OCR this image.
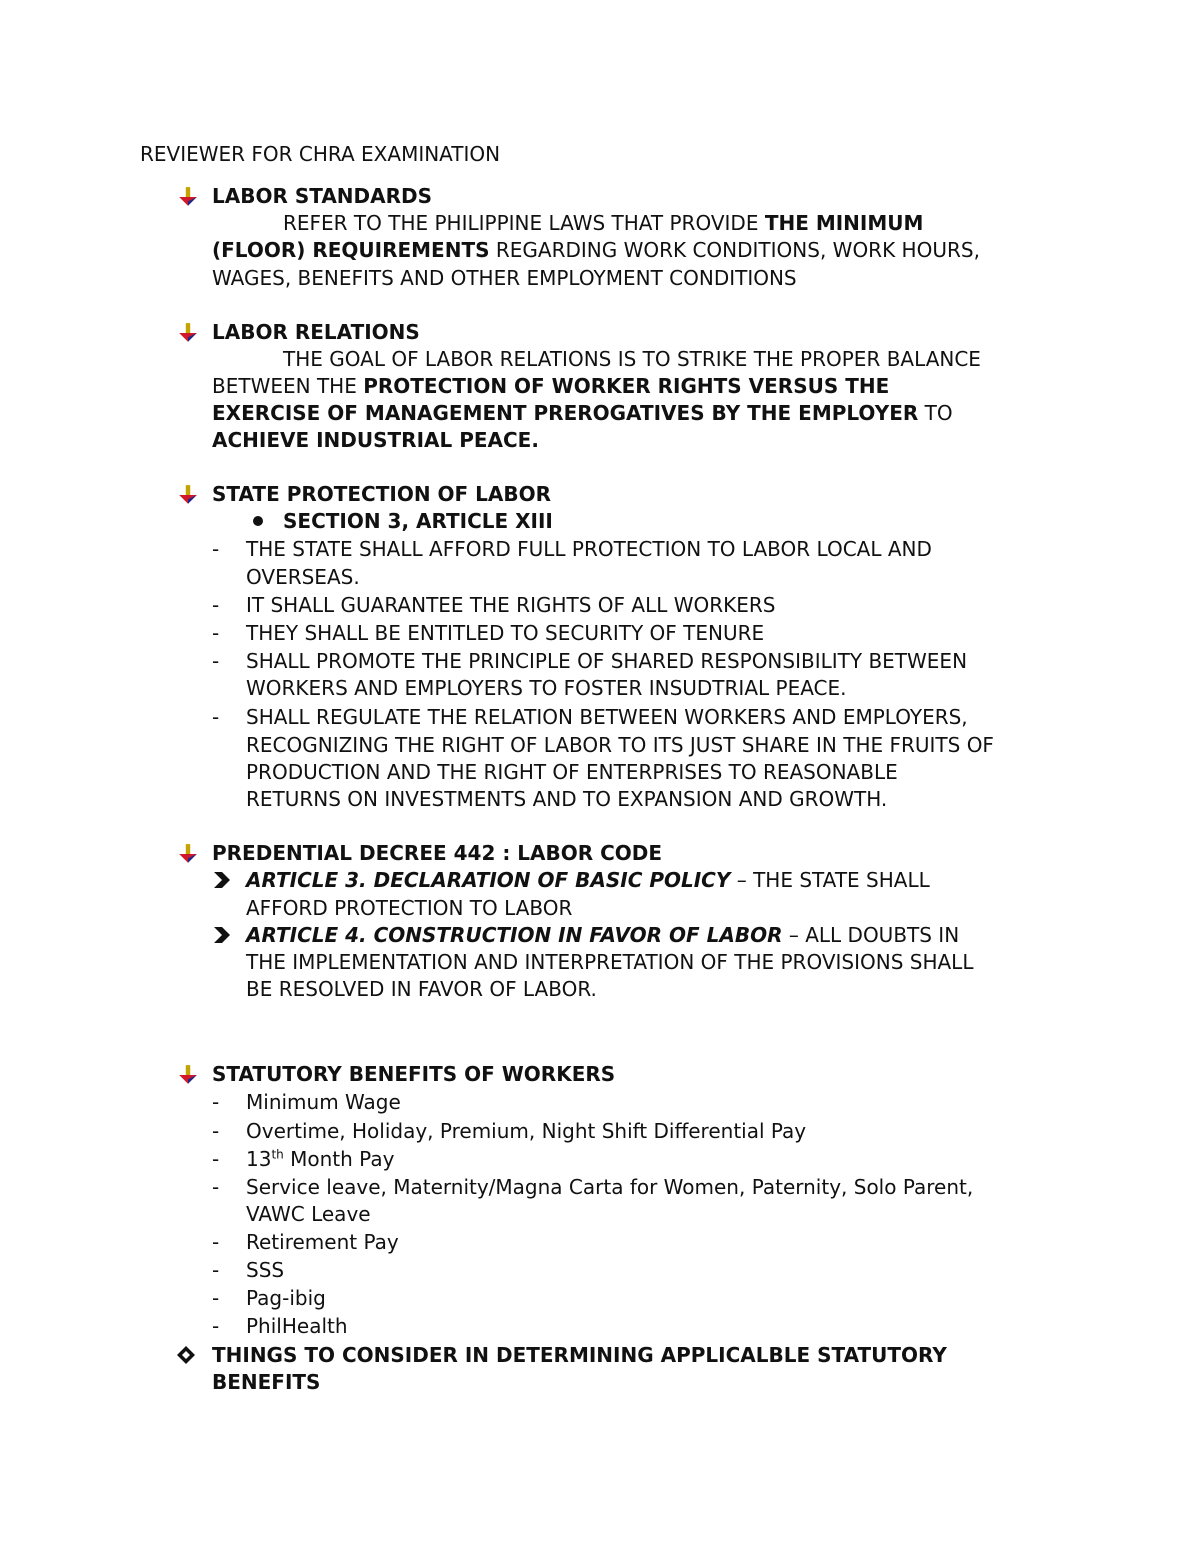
REVIEWER FOR CHRA EXAMINATION
LABOR STANDARDS
REFER TO THE PHILIPPINE LAWS THAT PROVIDE THE MINIMUM
(FLOOR) REQUIREMENTS REGARDING WORK CONDITIONS, WORK HOURS,
WAGES, BENEFITS AND OTHER EMPLOYMENT CONDITIONS
LABOR RELATIONS
THE GOAL OF LABOR RELATIONS IS TO STRIKE THE PROPER BALANCE
BETWEEN THE PROTECTION OF WORKER RIGHTS VERSUS THE
EXERCISE OF MANAGEMENT PREROGATIVES BY THE EMPLOYER TO
ACHIEVE INDUSTRIAL PEACE.
STATE PROTECTION OF LABOR
SECTION 3, ARTICLE XIII
- THE STATE SHALL AFFORD FULL PROTECTION TO LABOR LOCAL AND
OVERSEAS.
- IT SHALL GUARANTEE THE RIGHTS OF ALL WORKERS
- THEY SHALL BE ENTITLED TO SECURITY OF TENURE
- SHALL PROMOTE THE PRINCIPLE OF SHARED RESPONSIBILITY BETWEEN
WORKERS AND EMPLOYERS TO FOSTER INSUDTRIAL PEACE.
- SHALL REGULATE THE RELATION BETWEEN WORKERS AND EMPLOYERS,
RECOGNIZING THE RIGHT OF LABOR TO ITS JUST SHARE IN THE FRUITS OF
PRODUCTION AND THE RIGHT OF ENTERPRISES TO REASONABLE
RETURNS ON INVESTMENTS AND TO EXPANSION AND GROWTH.
PREDENTIAL DECREE 442 : LABOR CODE
ARTICLE 3. DECLARATION OF BASIC POLICY – THE STATE SHALL
AFFORD PROTECTION TO LABOR
ARTICLE 4. CONSTRUCTION IN FAVOR OF LABOR – ALL DOUBTS IN
THE IMPLEMENTATION AND INTERPRETATION OF THE PROVISIONS SHALL
BE RESOLVED IN FAVOR OF LABOR.
STATUTORY BENEFITS OF WORKERS
- Minimum Wage
- Overtime, Holiday, Premium, Night Shift Differential Pay
- 13th Month Pay
- Service leave, Maternity/Magna Carta for Women, Paternity, Solo Parent,
VAWC Leave
- Retirement Pay
- SSS
- Pag-ibig
- PhilHealth
THINGS TO CONSIDER IN DETERMINING APPLICALBLE STATUTORY
BENEFITS
